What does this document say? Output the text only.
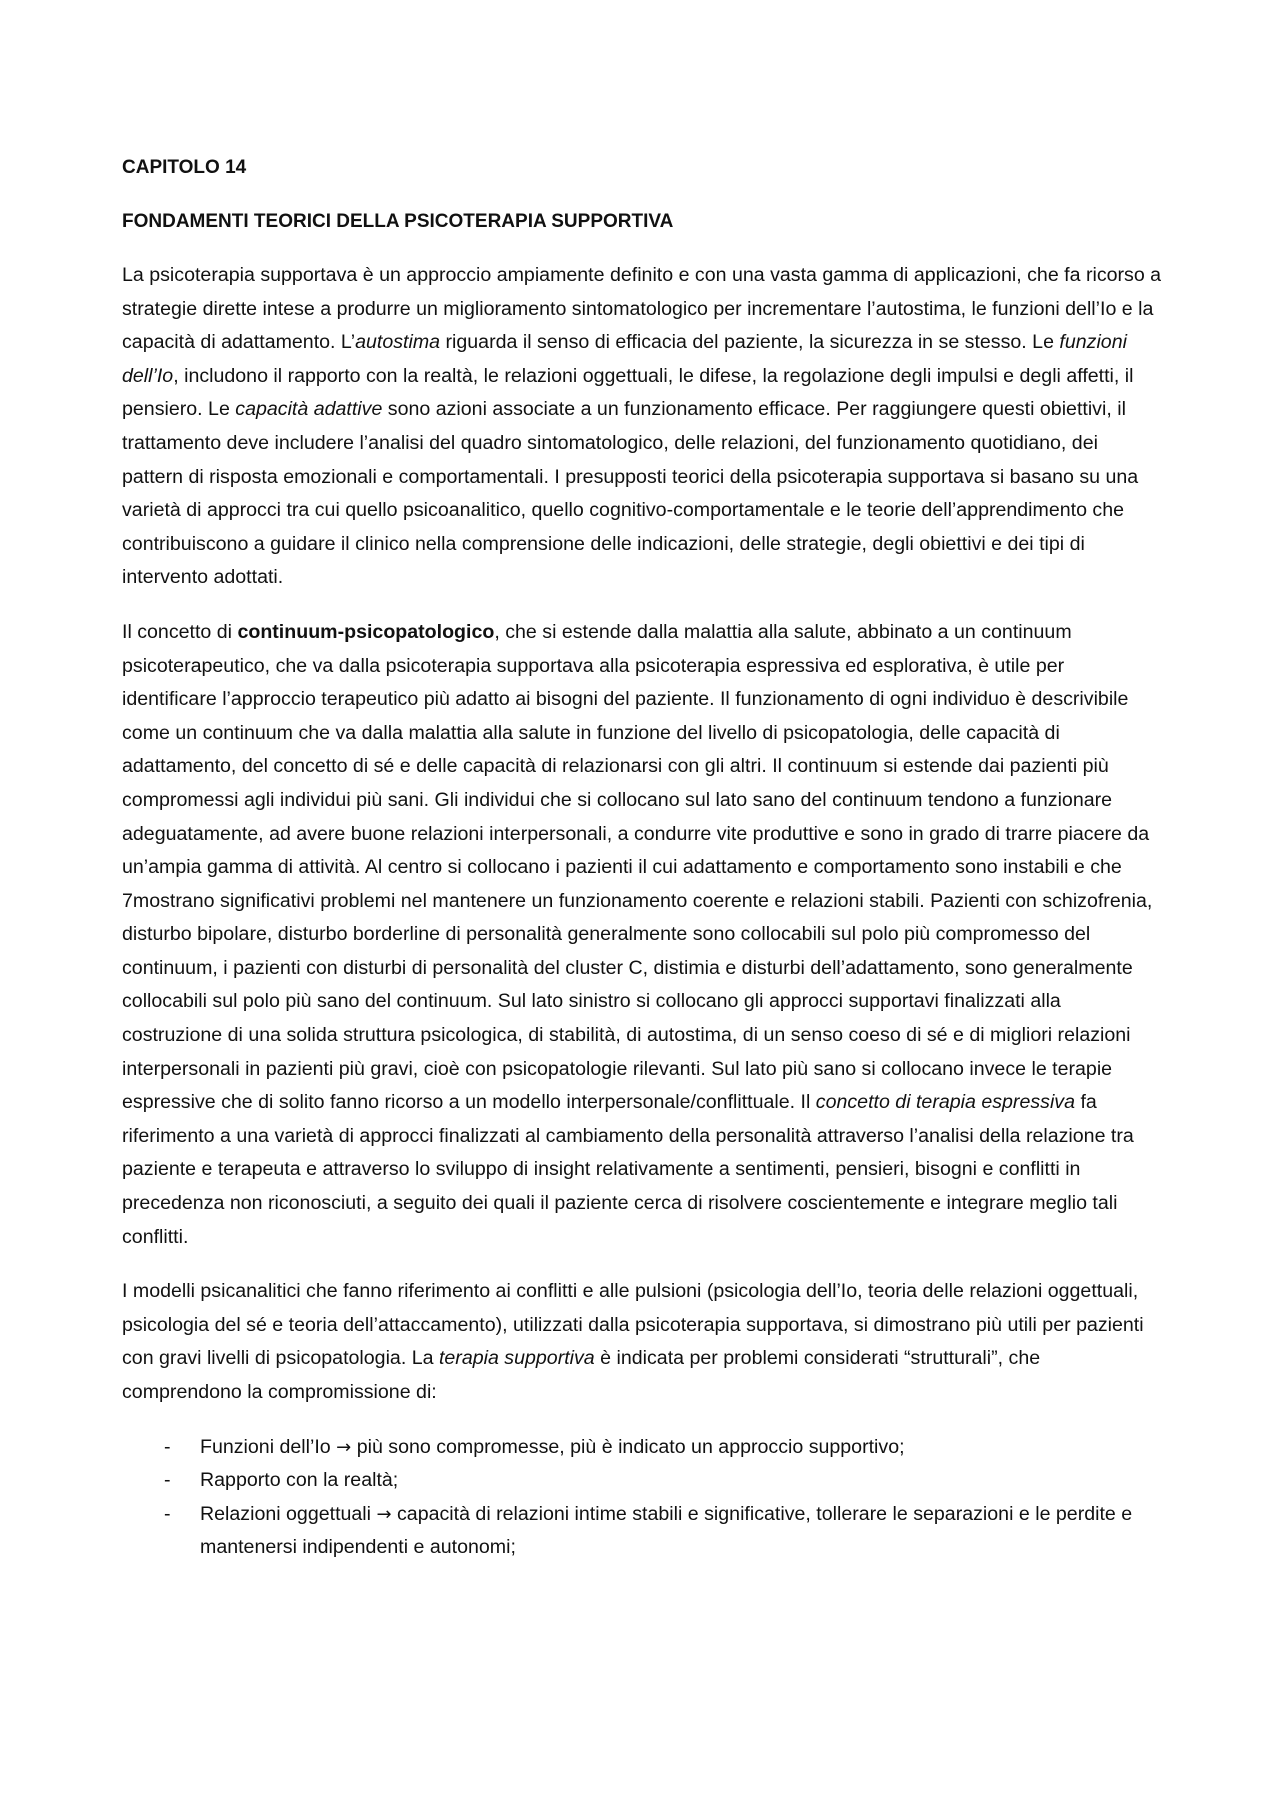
CAPITOLO 14
FONDAMENTI TEORICI DELLA PSICOTERAPIA SUPPORTIVA

La psicoterapia supportava è un approccio ampiamente definito e con una vasta gamma di applicazioni, che fa ricorso a strategie dirette intese a produrre un miglioramento sintomatologico per incrementare l’autostima, le funzioni dell’Io e la capacità di adattamento. L’autostima riguarda il senso di efficacia del paziente, la sicurezza in se stesso. Le funzioni dell’Io, includono il rapporto con la realtà, le relazioni oggettuali, le difese, la regolazione degli impulsi e degli affetti, il pensiero. Le capacità adattive sono azioni associate a un funzionamento efficace. Per raggiungere questi obiettivi, il trattamento deve includere l’analisi del quadro sintomatologico, delle relazioni, del funzionamento quotidiano, dei pattern di risposta emozionali e comportamentali. I presupposti teorici della psicoterapia supportava si basano su una varietà di approcci tra cui quello psicoanalitico, quello cognitivo-comportamentale e le teorie dell’apprendimento che contribuiscono a guidare il clinico nella comprensione delle indicazioni, delle strategie, degli obiettivi e dei tipi di intervento adottati.

Il concetto di continuum-psicopatologico, che si estende dalla malattia alla salute, abbinato a un continuum psicoterapeutico, che va dalla psicoterapia supportava alla psicoterapia espressiva ed esplorativa, è utile per identificare l’approccio terapeutico più adatto ai bisogni del paziente. Il funzionamento di ogni individuo è descrivibile come un continuum che va dalla malattia alla salute in funzione del livello di psicopatologia, delle capacità di adattamento, del concetto di sé e delle capacità di relazionarsi con gli altri. Il continuum si estende dai pazienti più compromessi agli individui più sani. Gli individui che si collocano sul lato sano del continuum tendono a funzionare adeguatamente, ad avere buone relazioni interpersonali, a condurre vite produttive e sono in grado di trarre piacere da un’ampia gamma di attività. Al centro si collocano i pazienti il cui adattamento e comportamento sono instabili e che 7mostrano significativi problemi nel mantenere un funzionamento coerente e relazioni stabili. Pazienti con schizofrenia, disturbo bipolare, disturbo borderline di personalità generalmente sono collocabili sul polo più compromesso del continuum, i pazienti con disturbi di personalità del cluster C, distimia e disturbi dell’adattamento, sono generalmente collocabili sul polo più sano del continuum. Sul lato sinistro si collocano gli approcci supportavi finalizzati alla costruzione di una solida struttura psicologica, di stabilità, di autostima, di un senso coeso di sé e di migliori relazioni interpersonali in pazienti più gravi, cioè con psicopatologie rilevanti. Sul lato più sano si collocano invece le terapie espressive che di solito fanno ricorso a un modello interpersonale/conflittuale. Il concetto di terapia espressiva fa riferimento a una varietà di approcci finalizzati al cambiamento della personalità attraverso l’analisi della relazione tra paziente e terapeuta e attraverso lo sviluppo di insight relativamente a sentimenti, pensieri, bisogni e conflitti in precedenza non riconosciuti, a seguito dei quali il paziente cerca di risolvere coscientemente e integrare meglio tali conflitti.

I modelli psicanalitici che fanno riferimento ai conflitti e alle pulsioni (psicologia dell’Io, teoria delle relazioni oggettuali, psicologia del sé e teoria dell’attaccamento), utilizzati dalla psicoterapia supportava, si dimostrano più utili per pazienti con gravi livelli di psicopatologia. La terapia supportiva è indicata per problemi considerati “strutturali”, che comprendono la compromissione di:

- Funzioni dell’Io → più sono compromesse, più è indicato un approccio supportivo;
- Rapporto con la realtà;
- Relazioni oggettuali → capacità di relazioni intime stabili e significative, tollerare le separazioni e le perdite e mantenersi indipendenti e autonomi;
